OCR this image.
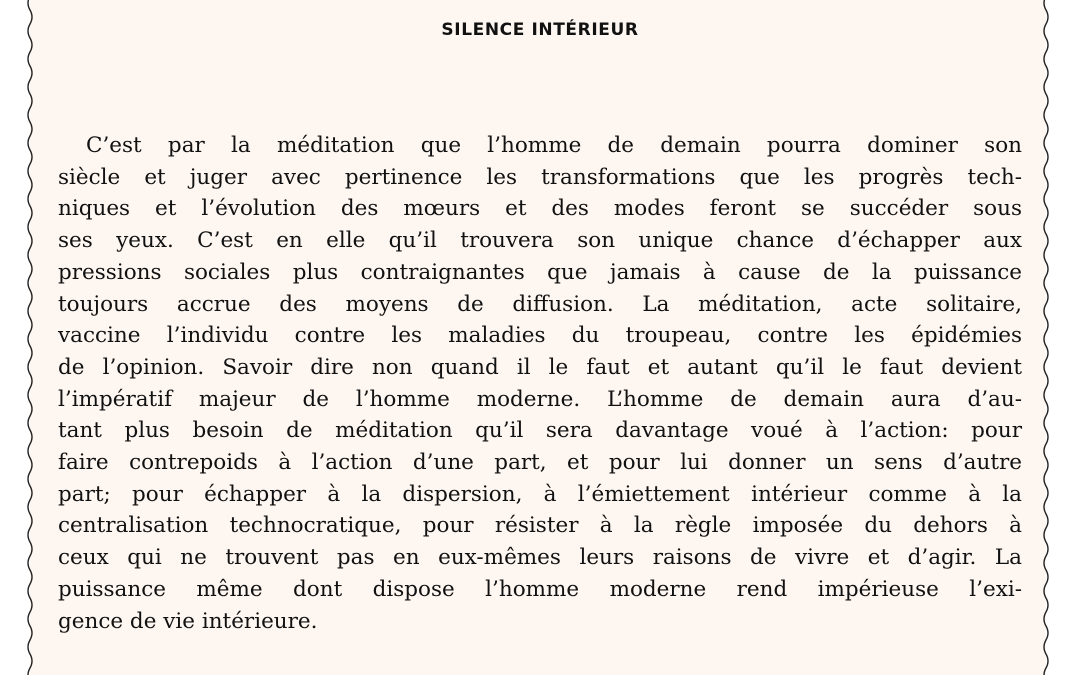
SILENCE INTÉRIEUR
C’est par la méditation que l’homme de demain pourra dominer son
siècle et juger avec pertinence les transformations que les progrès tech-
niques et l’évolution des mœurs et des modes feront se succéder sous
ses yeux. C’est en elle qu’il trouvera son unique chance d’échapper aux
pressions sociales plus contraignantes que jamais à cause de la puissance
toujours accrue des moyens de diffusion. La méditation, acte solitaire,
vaccine l’individu contre les maladies du troupeau, contre les épidémies
de l’opinion. Savoir dire non quand il le faut et autant qu’il le faut devient
l’impératif majeur de l’homme moderne. L’homme de demain aura d’au-
tant plus besoin de méditation qu’il sera davantage voué à l’action: pour
faire contrepoids à l’action d’une part, et pour lui donner un sens d’autre
part; pour échapper à la dispersion, à l’émiettement intérieur comme à la
centralisation technocratique, pour résister à la règle imposée du dehors à
ceux qui ne trouvent pas en eux-mêmes leurs raisons de vivre et d’agir. La
puissance même dont dispose l’homme moderne rend impérieuse l’exi-
gence de vie intérieure.
